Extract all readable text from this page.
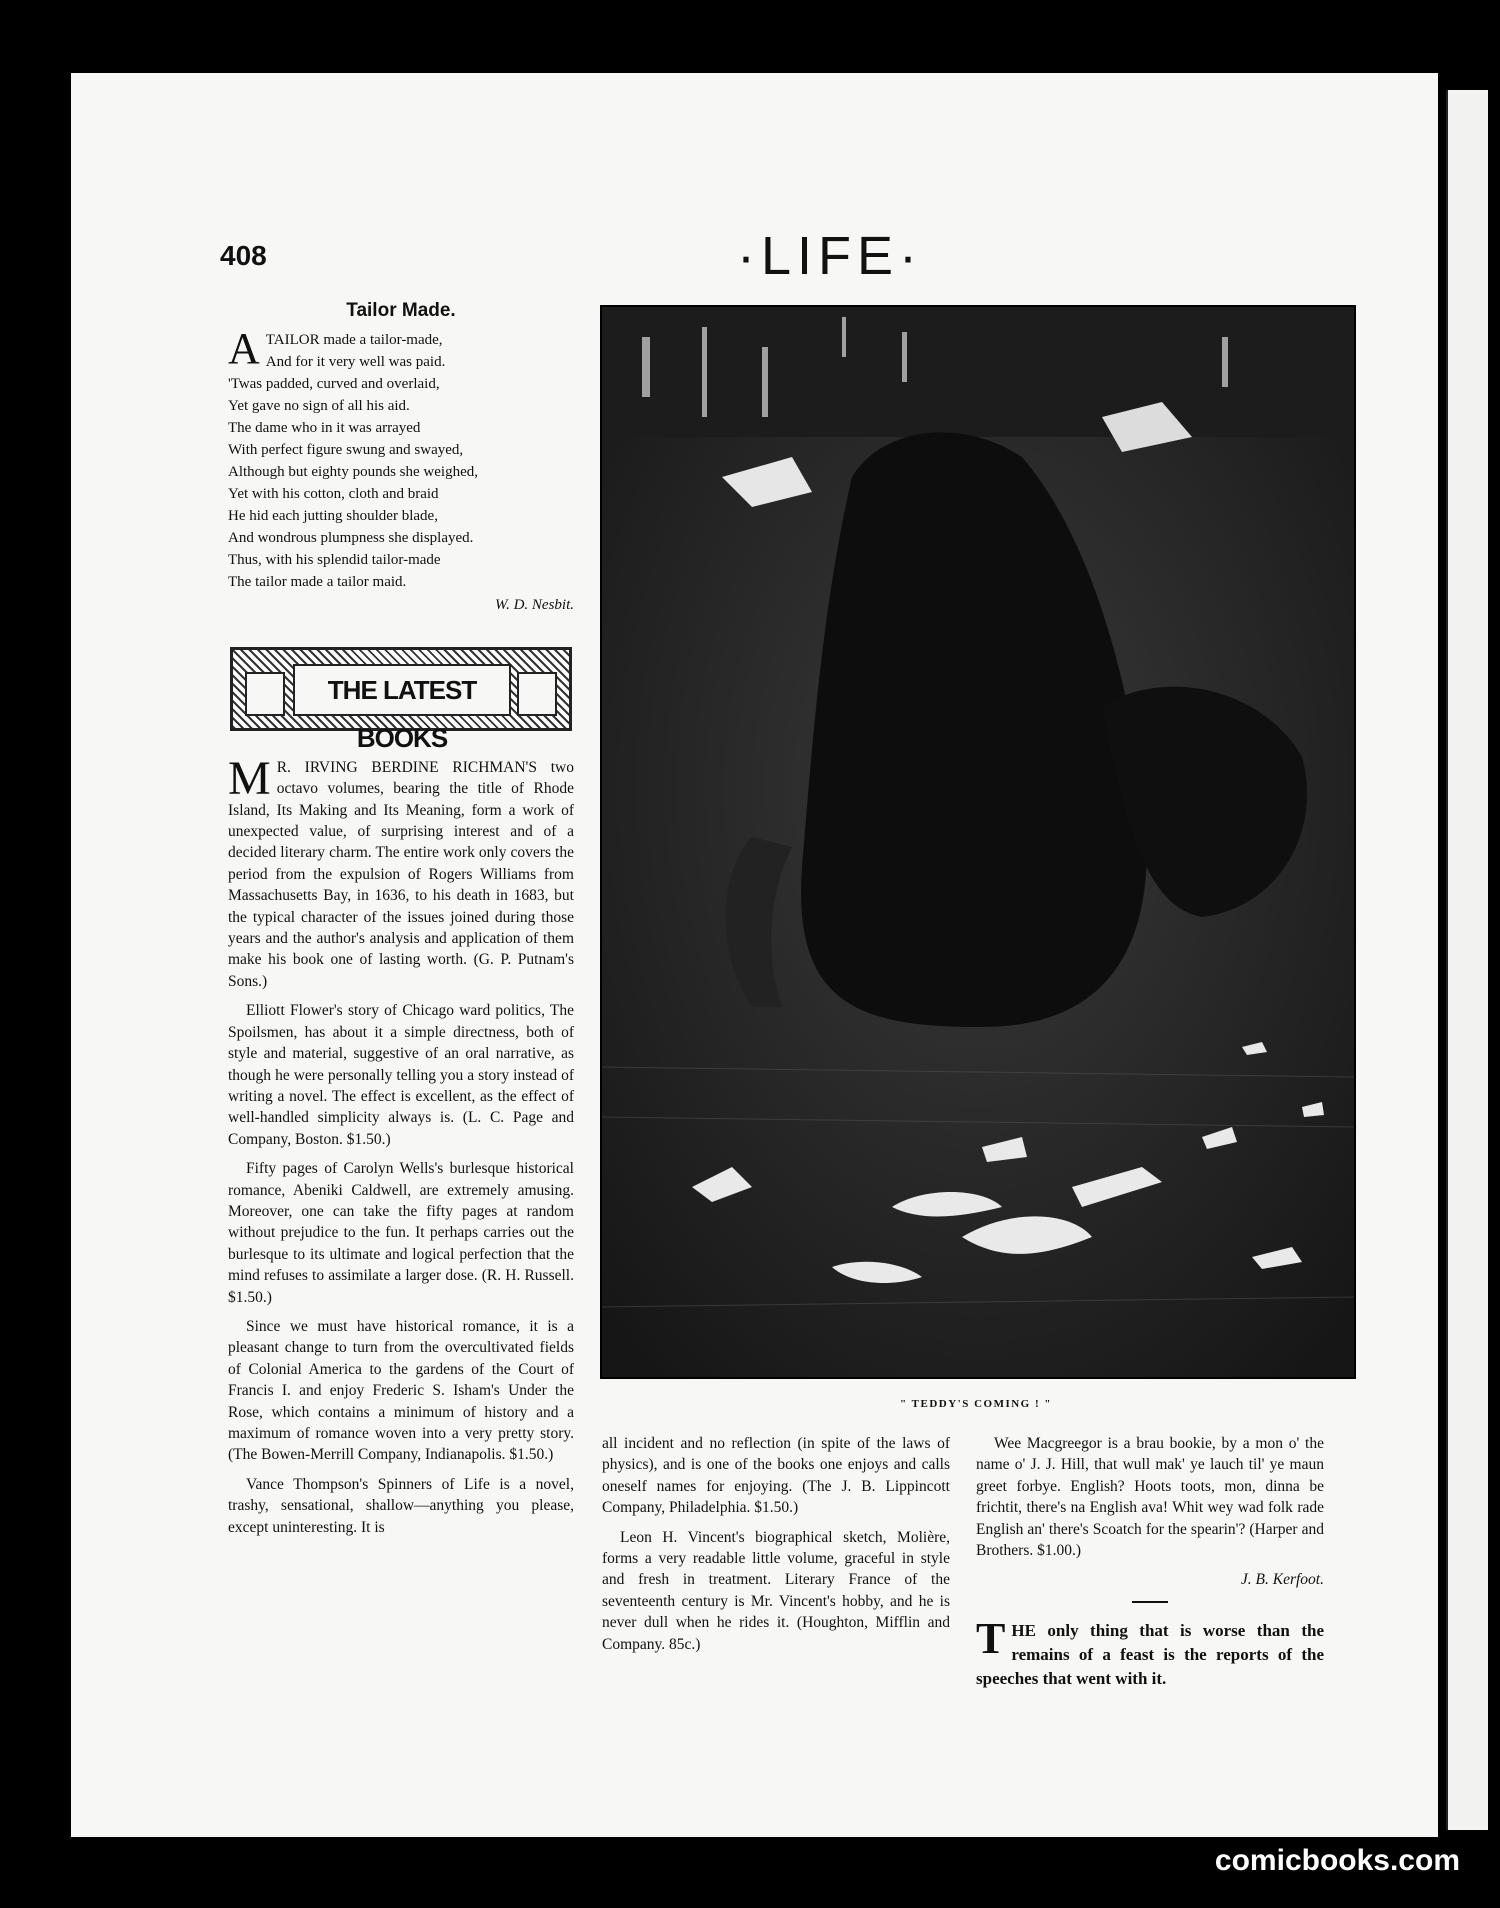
408	·LIFE·
Tailor Made.
A TAILOR made a tailor-made,
And for it very well was paid.
'Twas padded, curved and overlaid,
Yet gave no sign of all his aid.
The dame who in it was arrayed
With perfect figure swung and swayed,
Although but eighty pounds she weighed,
Yet with his cotton, cloth and braid
He hid each jutting shoulder blade,
And wondrous plumpness she displayed.
Thus, with his splendid tailor-made
The tailor made a tailor maid.
W. D. Nesbit.
THE LATEST BOOKS

M R. IRVING BERDINE RICHMAN'S two octavo volumes, bearing the title of Rhode Island, Its Making and Its Meaning, form a work of unexpected value, of surprising interest and of a decided literary charm. The entire work only covers the period from the expulsion of Rogers Williams from Massachusetts Bay, in 1636, to his death in 1683, but the typical character of the issues joined during those years and the author's analysis and application of them make his book one of lasting worth. (G. P. Putnam's Sons.)

Elliott Flower's story of Chicago ward politics, The Spoilsmen, has about it a simple directness, both of style and material, suggestive of an oral narrative, as though he were personally telling you a story instead of writing a novel. The effect is excellent, as the effect of well-handled simplicity always is. (L. C. Page and Company, Boston. $1.50.)

Fifty pages of Carolyn Wells's burlesque historical romance, Abeniki Caldwell, are extremely amusing. Moreover, one can take the fifty pages at random without prejudice to the fun. It perhaps carries out the burlesque to its ultimate and logical perfection that the mind refuses to assimilate a larger dose. (R. H. Russell. $1.50.)

Since we must have historical romance, it is a pleasant change to turn from the overcultivated fields of Colonial America to the gardens of the Court of Francis I. and enjoy Frederic S. Isham's Under the Rose, which contains a minimum of history and a maximum of romance woven into a very pretty story. (The Bowen-Merrill Company, Indianapolis. $1.50.)

Vance Thompson's Spinners of Life is a novel, trashy, sensational, shallow—anything you please, except uninteresting. It is

" TEDDY'S COMING ! "

all incident and no reflection (in spite of the laws of physics), and is one of the books one enjoys and calls oneself names for enjoying. (The J. B. Lippincott Company, Philadelphia. $1.50.)

Leon H. Vincent's biographical sketch, Molière, forms a very readable little volume, graceful in style and fresh in treatment. Literary France of the seventeenth century is Mr. Vincent's hobby, and he is never dull when he rides it. (Houghton, Mifflin and Company. 85c.)

Wee Macgreegor is a brau bookie, by a mon o' the name o' J. J. Hill, that wull mak' ye lauch til' ye maun greet forbye. English? Hoots toots, mon, dinna be frichtit, there's na English ava! Whit wey wad folk rade English an' there's Scoatch for the spearin'? (Harper and Brothers. $1.00.)

J. B. Kerfoot.

THE only thing that is worse than the remains of a feast is the reports of the speeches that went with it.

comicbooks.com
